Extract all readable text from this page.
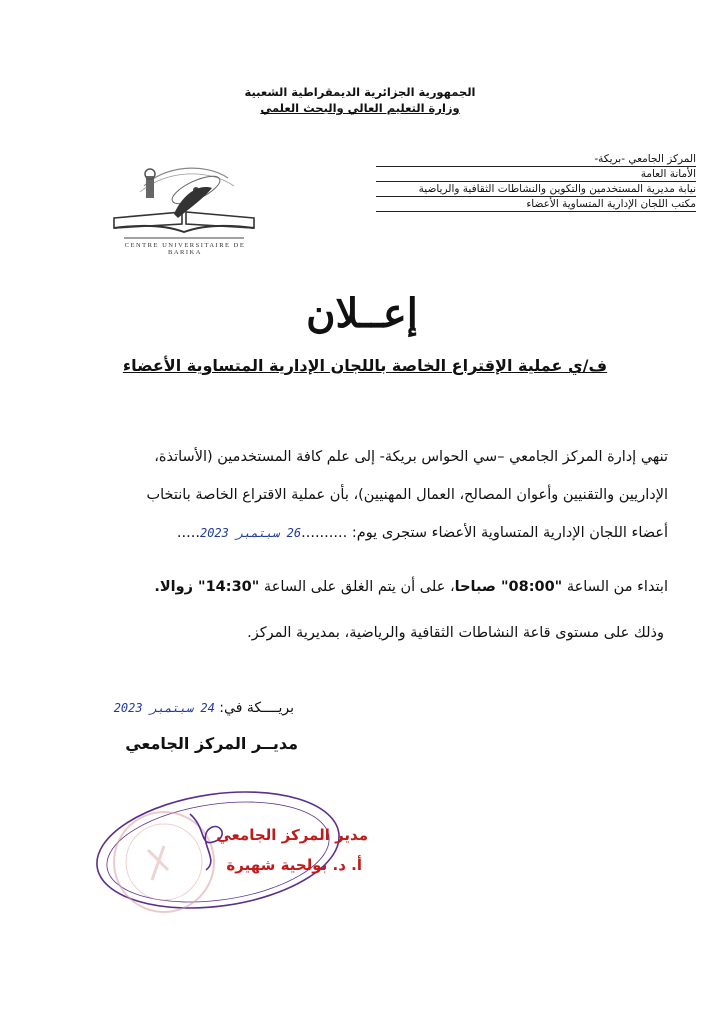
الجمهورية الجزائرية الديمقراطية الشعبية
وزارة التعليم العالي والبحث العلمي
CENTRE UNIVERSITAIRE DE BARIKA
المركز الجامعي -بريكة-
الأمانة العامة
نيابة مديرية المستخدمين والتكوين والنشاطات الثقافية والرياضية
مكتب اللجان الإدارية المتساوية الأعضاء
إعــلان
ف/ي عملية الإقتراع الخاصة باللجان الإدارية المتساوية الأعضاء
تنهي إدارة المركز الجامعي –سي الحواس بريكة- إلى علم كافة المستخدمين (الأساتذة،
الإداريين والتقنيين وأعوان المصالح، العمال المهنيين)، بأن عملية الاقتراع الخاصة بانتخاب
أعضاء اللجان الإدارية المتساوية الأعضاء ستجرى يوم: ..........26 سبتمبر 2023.....
ابتداء من الساعة "08:00" صباحا، على أن يتم الغلق على الساعة "14:30" زوالا.
وذلك على مستوى قاعة النشاطات الثقافية والرياضية، بمديرية المركز.
بريــــكة في: 24 سبتمبر 2023
مديــر المركز الجامعي
مدير المركز الجامعي
أ. د. بولحية شهيرة
